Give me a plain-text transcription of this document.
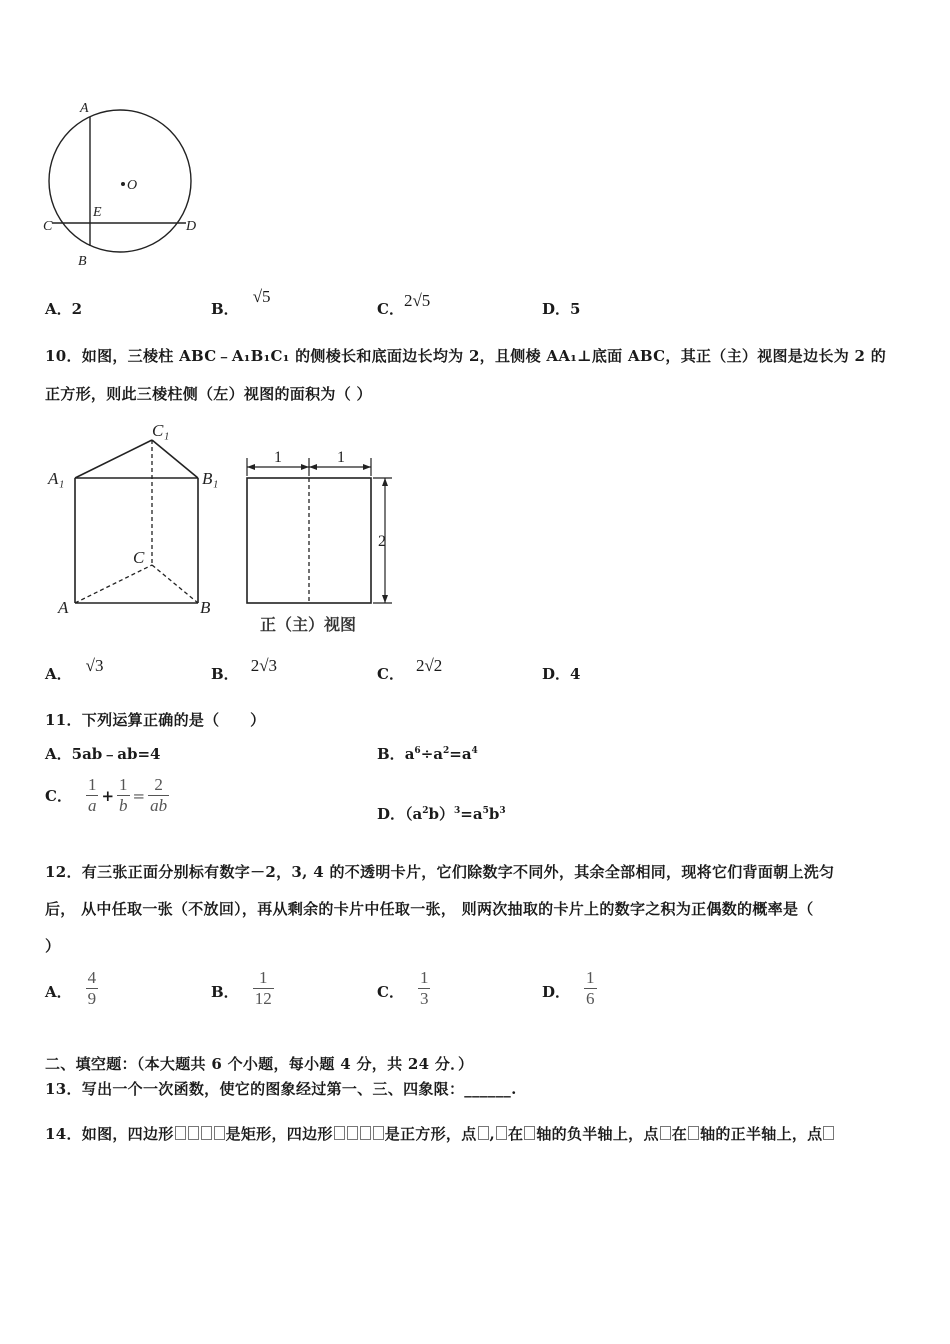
A
O
E
C	D
B
A．2	B．√5
C．2√5	D．5
10．如图，三棱柱 ABC﹣A₁B₁C₁ 的侧棱长和底面边长均为 2，且侧棱 AA₁⊥底面 ABC，其正（主）视图是边长为 2 的
正方形，则此三棱柱侧（左）视图的面积为（ ）
C₁
A₁	B₁
C
A	B
1	1
2
正（主）视图
A． √3	B． 2√3	C． 2√2	D．4
11．下列运算正确的是（　　）
A．5ab﹣ab=4	B．$a^6\div a^2=a^4$
C． $\frac{1}{a} + \frac{1}{b} = \frac{2}{ab}$	D．$(a^2b)^3=a^5b^3$
12．有三张正面分别标有数字－2，3, 4 的不透明卡片，它们除数字不同外，其余全部相同，现将它们背面朝上洗匀
后， 从中任取一张（不放回），再从剩余的卡片中任取一张， 则两次抽取的卡片上的数字之积为正偶数的概率是（
）
A． $\frac{4}{9}$	B． $\frac{1}{12}$	C． $\frac{1}{3}$	D． $\frac{1}{6}$
二、填空题：（本大题共 6 个小题，每小题 4 分，共 24 分．）
13．写出一个一次函数，使它的图象经过第一、三、四象限：______.
14．如图，四边形	是矩形，四边形	是正方形，点 , 在 轴的负半轴上，点 在 轴的正半轴上，点
